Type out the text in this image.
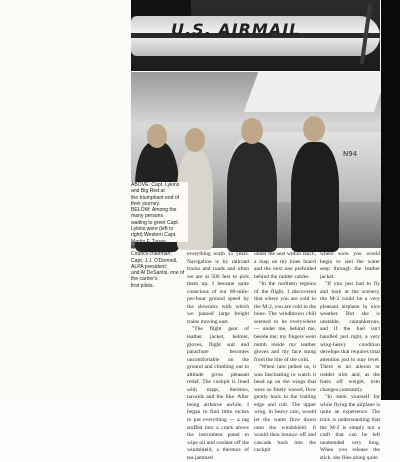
U.S. AIRMAIL
N94
ABOVE: Capt. Lykins and Big Red at
the triumphant end of their journey.
BELOW: Among the many persons
waiting to greet Capt. Lykins were (left to
right) Western Capt. Martin F. Tynan,
Master Executive Council chairman;
Capt. J.J. O'Donnell, ALPA president;
and Al DeSantis, one of the carrier's
first pilots.

everything north 15 years. Navigation is by railroad tracks and roads and often we are at 500 feet to pick them up. I became quite conscious of our 80-mile-per-hour ground speed by the slowness with which we 'passed' large freight trains moving east.

"The flight gear of leather jacket, helmet, gloves, flight suit and parachute becomes uncomfortable on the ground and climbing out to altitude gives pleasant relief. The cockpit is lined with maps, thermos, navaids and the like. After being airborne awhile, I began to find little niches to put everything — a rag stuffed into a crack above the instrument panel to wipe oil and coolant off the windshield, a thermos of tea jammed

under the seat within reach, a map on my knee board and the next one prefolded behind the rudder cables.

"In the northern regions of the flight, I discovered that where you are cold in the M-2, you are cold to the bone. The windblown chill seemed to be everywhere — under me, behind me, beside me; my fingers went numb inside my leather gloves and my face stung from the bite of the cold.

"When rain pelted us, it was fascinating to watch it bead up on the wings that were so finely waxed, flow gently back to the trailing edge and roll. The upper wing, in heavy rain, would let the water flow down onto the windshield. It would then bounce off and cascade back into the cockpit

where soon you would begin to reel the water seep through the leather jacket.

"If you just had to fly and look at the scenery, the M-2 could be a very pleasant airplane in nice weather. But she is unstable, cantankerous, and if the fuel isn't handled just right, a very wing-heavy condition develops that requires total attention just to stay level. There is no aileron or rudder trim and, as the fuels off weight, trim changes constantly.

"In stem yourself for while flying the airplane is quite an experience. The trick is understanding that the M-2 is simply not a craft that can be left unattended very long. When you release the stick, she flies along quite
